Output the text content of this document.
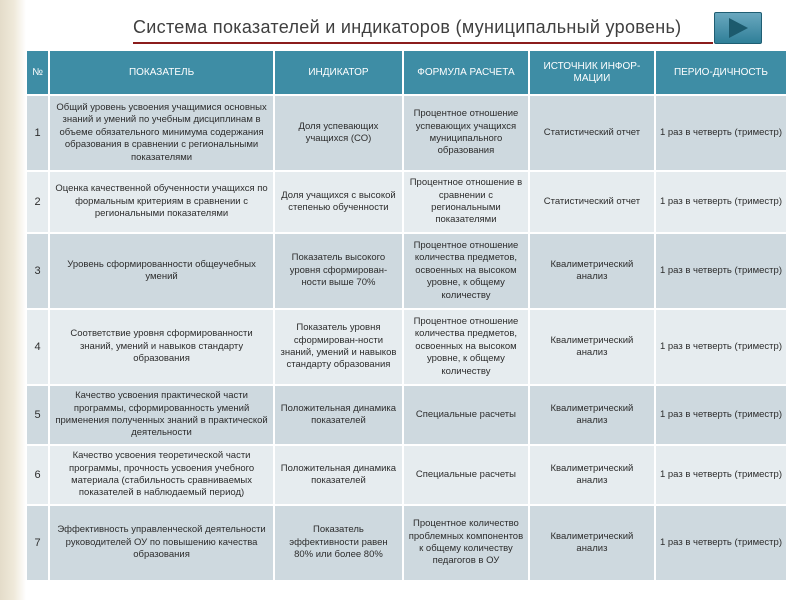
Система показателей и индикаторов (муниципальный уровень)
№	ПОКАЗАТЕЛЬ	ИНДИКАТОР	ФОРМУЛА РАСЧЕТА	ИСТОЧНИК ИНФОР-МАЦИИ	ПЕРИО-ДИЧНОСТЬ
1	Общий уровень усвоения учащимися основных знаний и умений по учебным дисциплинам в объеме обязательного минимума содержания образования в сравнении с региональными показателями	Доля успевающих учащихся (СО)	Процентное отношение успевающих учащихся муниципального образования	Статистический отчет	1 раз в четверть (триместр)
2	Оценка качественной обученности учащихся по формальным критериям в сравнении с региональными показателями	Доля учащихся с высокой степенью обученности	Процентное отношение в сравнении с региональными показателями	Статистический отчет	1 раз в четверть (триместр)
3	Уровень сформированности общеучебных умений	Показатель высокого уровня сформирован-ности выше 70%	Процентное отношение количества предметов, освоенных на высоком уровне, к общему количеству	Квалиметрический анализ	1 раз в четверть (триместр)
4	Соответствие уровня сформированности знаний, умений и навыков стандарту образования	Показатель уровня сформирован-ности знаний, умений и навыков стандарту образования	Процентное отношение количества предметов, освоенных на высоком уровне, к общему количеству	Квалиметрический анализ	1 раз в четверть (триместр)
5	Качество усвоения практической части программы, сформированность умений применения полученных знаний в практической деятельности	Положительная динамика показателей	Специальные расчеты	Квалиметрический анализ	1 раз в четверть (триместр)
6	Качество усвоения теоретической части программы, прочность усвоения учебного материала (стабильность сравниваемых показателей в наблюдаемый период)	Положительная динамика показателей	Специальные расчеты	Квалиметрический анализ	1 раз в четверть (триместр)
7	Эффективность управленческой деятельности руководителей ОУ по повышению качества образования	Показатель эффективности равен 80% или более 80%	Процентное количество проблемных компонентов к общему количеству педагогов в ОУ	Квалиметрический анализ	1 раз в четверть (триместр)
